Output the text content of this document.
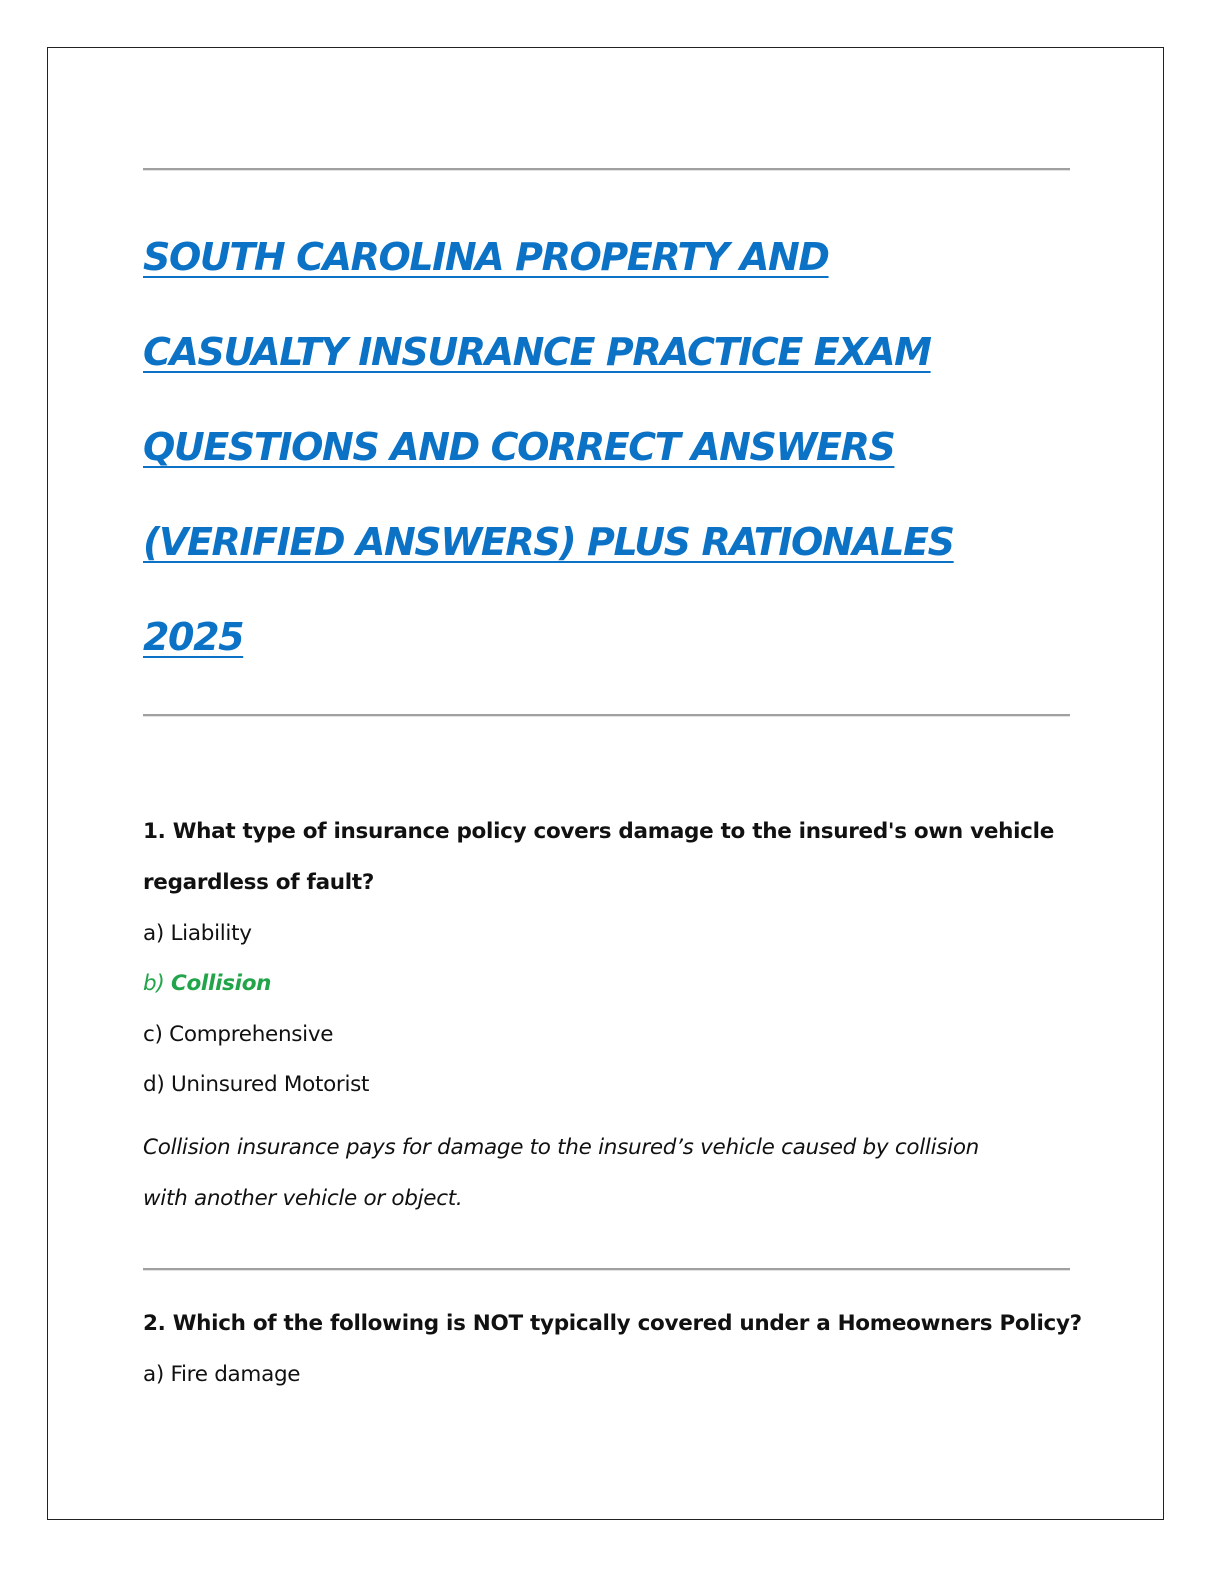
SOUTH CAROLINA PROPERTY AND
CASUALTY INSURANCE PRACTICE EXAM
QUESTIONS AND CORRECT ANSWERS
(VERIFIED ANSWERS) PLUS RATIONALES
2025

1. What type of insurance policy covers damage to the insured's own vehicle

regardless of fault?

a) Liability

b) Collision

c) Comprehensive

d) Uninsured Motorist

Collision insurance pays for damage to the insured’s vehicle caused by collision

with another vehicle or object.

2. Which of the following is NOT typically covered under a Homeowners Policy?

a) Fire damage
